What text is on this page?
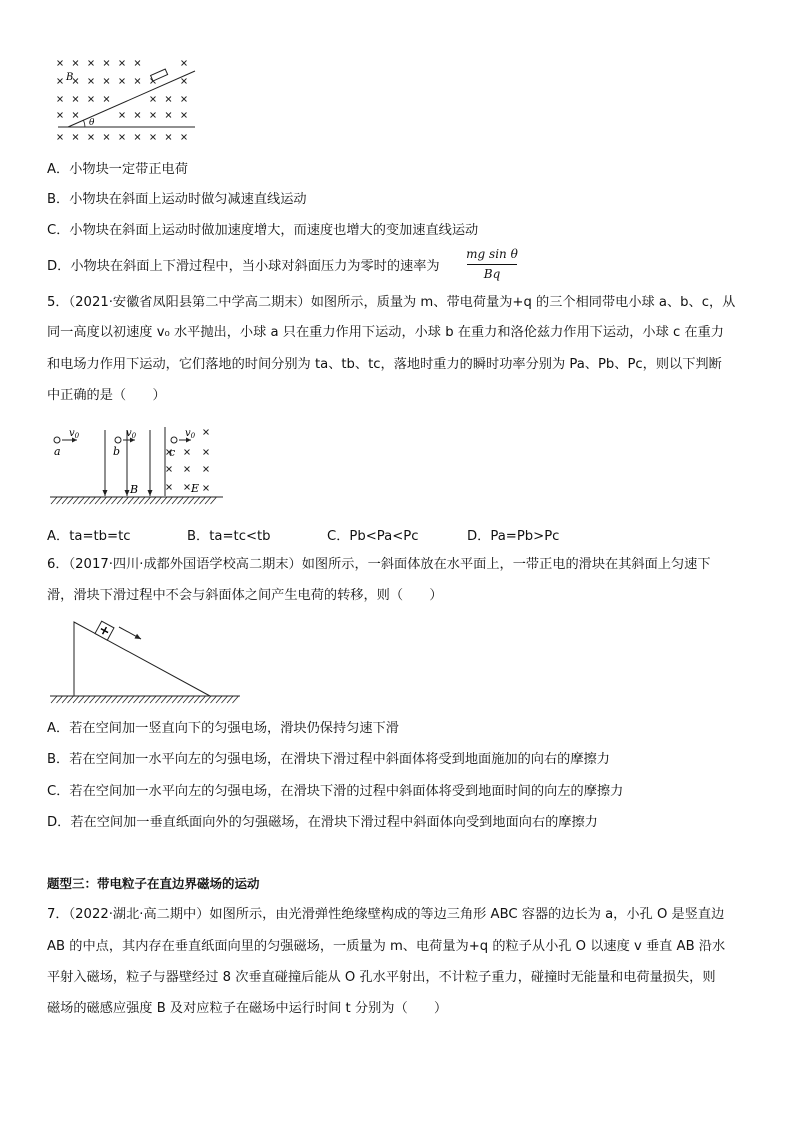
B
θ
A．小物块一定带正电荷
B．小物块在斜面上运动时做匀减速直线运动
C．小物块在斜面上运动时做加速度增大，而速度也增大的变加速直线运动
D．小物块在斜面上下滑过程中，当小球对斜面压力为零时的速率为
mg sin θ
Bq
5．（2021·安徽省凤阳县第二中学高二期末）如图所示，质量为 m、带电荷量为+q 的三个相同带电小球 a、b、c，从
同一高度以初速度 v₀ 水平抛出，小球 a 只在重力作用下运动，小球 b 在重力和洛伦兹力作用下运动，小球 c 在重力
和电场力作用下运动，它们落地的时间分别为 ta、tb、tc，落地时重力的瞬时功率分别为 Pa、Pb、Pc，则以下判断
中正确的是（　　）
$v_0$
a
$v_0$
b
B
$v_0$
c
E
A．ta=tb=tc	B．ta=tc<tb	C．Pb<Pa<Pc	D．Pa=Pb>Pc
6．（2017·四川·成都外国语学校高二期末）如图所示，一斜面体放在水平面上，一带正电的滑块在其斜面上匀速下
滑，滑块下滑过程中不会与斜面体之间产生电荷的转移，则（　　）
+
A．若在空间加一竖直向下的匀强电场，滑块仍保持匀速下滑
B．若在空间加一水平向左的匀强电场，在滑块下滑过程中斜面体将受到地面施加的向右的摩擦力
C．若在空间加一水平向左的匀强电场，在滑块下滑的过程中斜面体将受到地面时间的向左的摩擦力
D．若在空间加一垂直纸面向外的匀强磁场，在滑块下滑过程中斜面体向受到地面向右的摩擦力
题型三：带电粒子在直边界磁场的运动
7．（2022·湖北·高二期中）如图所示，由光滑弹性绝缘壁构成的等边三角形 ABC 容器的边长为 a，小孔 O 是竖直边
AB 的中点，其内存在垂直纸面向里的匀强磁场，一质量为 m、电荷量为+q 的粒子从小孔 O 以速度 v 垂直 AB 沿水
平射入磁场，粒子与器壁经过 8 次垂直碰撞后能从 O 孔水平射出，不计粒子重力，碰撞时无能量和电荷量损失，则
磁场的磁感应强度 B 及对应粒子在磁场中运行时间 t 分别为（　　）
